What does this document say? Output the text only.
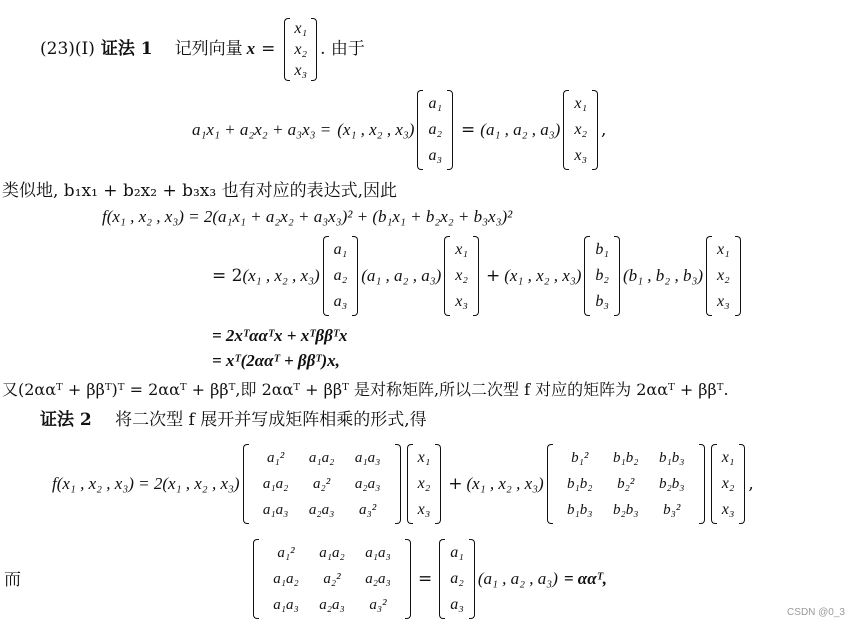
(23)(Ⅰ) 证法 1 记列向量 x =
x₁
x₂
x₃
. 由于
a₁x₁ + a₂x₂ + a₃x₃ = (x₁ , x₂ , x₃)
a₁
a₂
a₃
= (a₁ , a₂ , a₃)
x₁
x₂
x₃
,
类似地, b₁x₁ + b₂x₂ + b₃x₃ 也有对应的表达式,因此
f(x₁ , x₂ , x₃) = 2(a₁x₁ + a₂x₂ + a₃x₃)² + (b₁x₁ + b₂x₂ + b₃x₃)²
= 2 (x₁ , x₂ , x₃)
a₁
a₂
a₃
(a₁ , a₂ , a₃)
x₁
x₂
x₃
+ (x₁ , x₂ , x₃)
b₁
b₂
b₃
(b₁ , b₂ , b₃)
x₁
x₂
x₃
= 2xᵀααᵀx + xᵀββᵀx
= xᵀ(2ααᵀ + ββᵀ)x,
又(2ααᵀ + ββᵀ)ᵀ = 2ααᵀ + ββᵀ,即 2ααᵀ + ββᵀ 是对称矩阵,所以二次型 f 对应的矩阵为 2ααᵀ + ββᵀ.
证法 2 将二次型 f 展开并写成矩阵相乘的形式,得
f(x₁ , x₂ , x₃) = 2 (x₁ , x₂ , x₃)
a₁²	a₁a₂	a₁a₃
a₁a₂	a₂²	a₂a₃
a₁a₃	a₂a₃	a₃²
x₁
x₂
x₃
+ (x₁ , x₂ , x₃)
b₁²	b₁b₂	b₁b₃
b₁b₂	b₂²	b₂b₃
b₁b₃	b₂b₃	b₃²
x₁
x₂
x₃
,
而
a₁²	a₁a₂	a₁a₃
a₁a₂	a₂²	a₂a₃
a₁a₃	a₂a₃	a₃²
=
a₁
a₂
a₃
(a₁ , a₂ , a₃) = ααᵀ,
CSDN @0_3
